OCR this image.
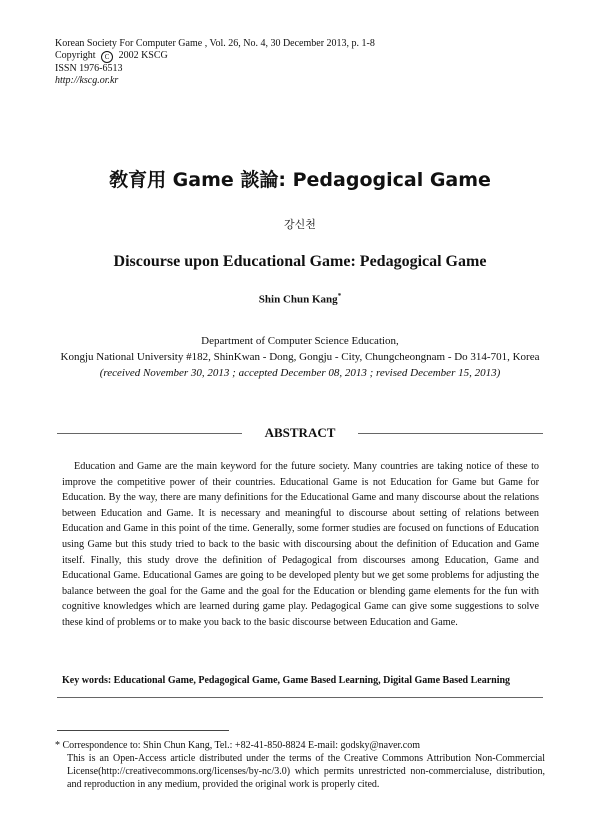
Korean Society For Computer Game , Vol. 26, No. 4, 30 December 2013, p. 1-8
Copyright C 2002 KSCG
ISSN 1976-6513
http://kscg.or.kr
敎育用 Game 談論: Pedagogical Game
강신천
Discourse upon Educational Game: Pedagogical Game
Shin Chun Kang*
Department of Computer Science Education,
Kongju National University #182, ShinKwan - Dong, Gongju - City, Chungcheongnam - Do 314-701, Korea
(received November 30, 2013 ; accepted December 08, 2013 ; revised December 15, 2013)
ABSTRACT

Education and Game are the main keyword for the future society. Many countries are taking notice of these to improve the competitive power of their countries. Educational Game is not Education for Game but Game for Education. By the way, there are many definitions for the Educational Game and many discourse about the relations between Education and Game. It is necessary and meaningful to discourse about setting of relations between Education and Game in this point of the time. Generally, some former studies are focused on functions of Education using Game but this study tried to back to the basic with discoursing about the definition of Education and Game itself. Finally, this study drove the definition of Pedagogical from discourses among Education, Game and Educational Game. Educational Games are going to be developed plenty but we get some problems for adjusting the balance between the goal for the Game and the goal for the Education or blending game elements for the fun with cognitive knowledges which are learned during game play. Pedagogical Game can give some suggestions to solve these kind of problems or to make you back to the basic discourse between Education and Game.

Key words: Educational Game, Pedagogical Game, Game Based Learning, Digital Game Based Learning
* Correspondence to: Shin Chun Kang, Tel.: +82-41-850-8824 E-mail: godsky@naver.com
This is an Open-Access article distributed under the terms of the Creative Commons Attribution Non-Commercial License(http://creativecommons.org/licenses/by-nc/3.0) which permits unrestricted non-commercialuse, distribution, and reproduction in any medium, provided the original work is properly cited.
